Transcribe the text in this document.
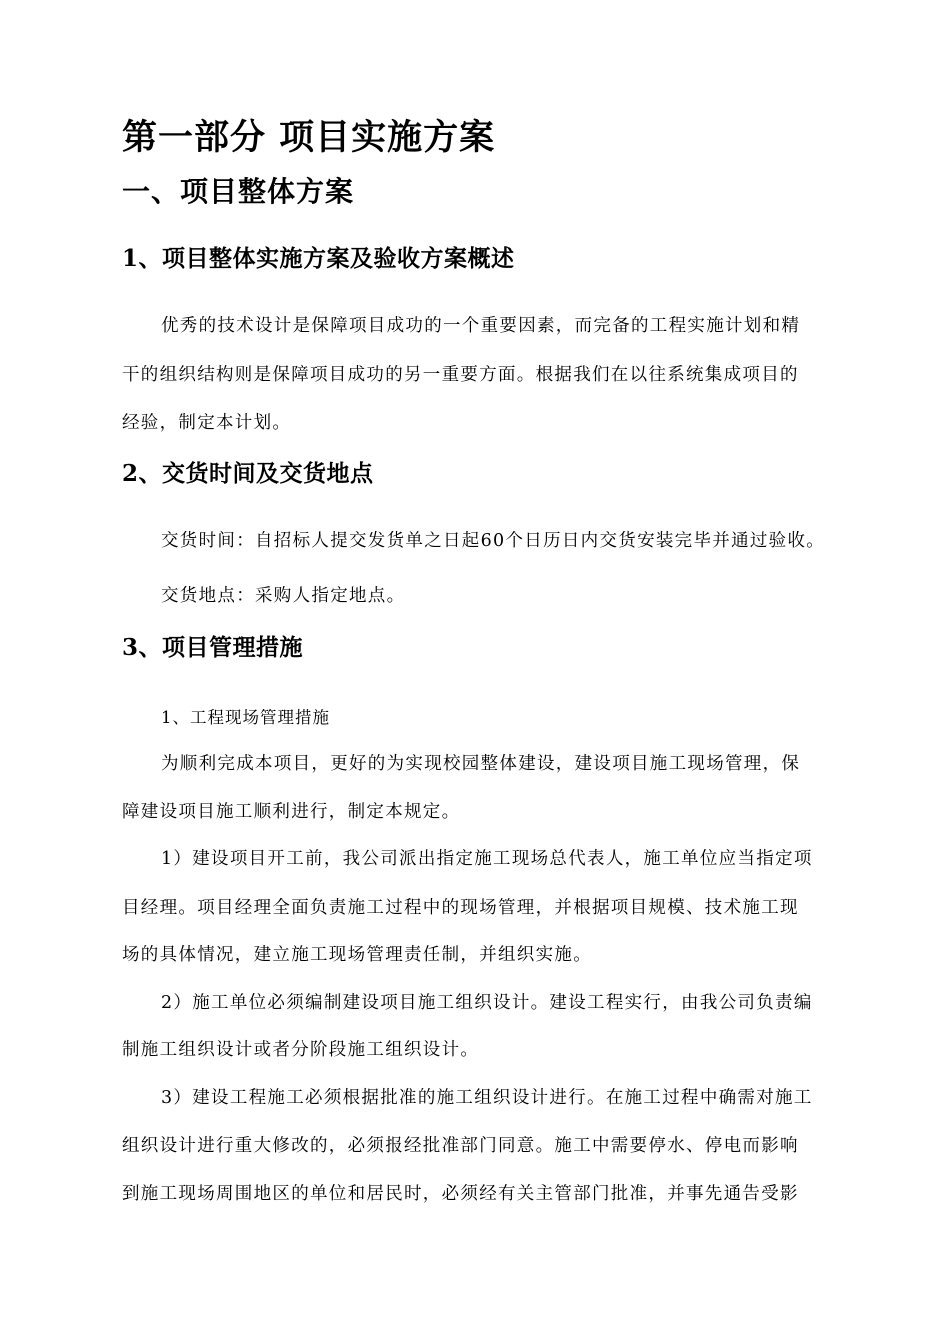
第一部分 项目实施方案
一、项目整体方案
1、项目整体实施方案及验收方案概述

优秀的技术设计是保障项目成功的一个重要因素，而完备的工程实施计划和精

干的组织结构则是保障项目成功的另一重要方面。根据我们在以往系统集成项目的

经验，制定本计划。

2、交货时间及交货地点

交货时间：自招标人提交发货单之日起60个日历日内交货安装完毕并通过验收。

交货地点：采购人指定地点。

3、项目管理措施

1、工程现场管理措施

为顺利完成本项目，更好的为实现校园整体建设，建设项目施工现场管理，保

障建设项目施工顺利进行，制定本规定。

1）建设项目开工前，我公司派出指定施工现场总代表人，施工单位应当指定项

目经理。项目经理全面负责施工过程中的现场管理，并根据项目规模、技术施工现

场的具体情况，建立施工现场管理责任制，并组织实施。

2）施工单位必须编制建设项目施工组织设计。建设工程实行，由我公司负责编

制施工组织设计或者分阶段施工组织设计。

3）建设工程施工必须根据批准的施工组织设计进行。在施工过程中确需对施工

组织设计进行重大修改的，必须报经批准部门同意。施工中需要停水、停电而影响

到施工现场周围地区的单位和居民时，必须经有关主管部门批准，并事先通告受影
